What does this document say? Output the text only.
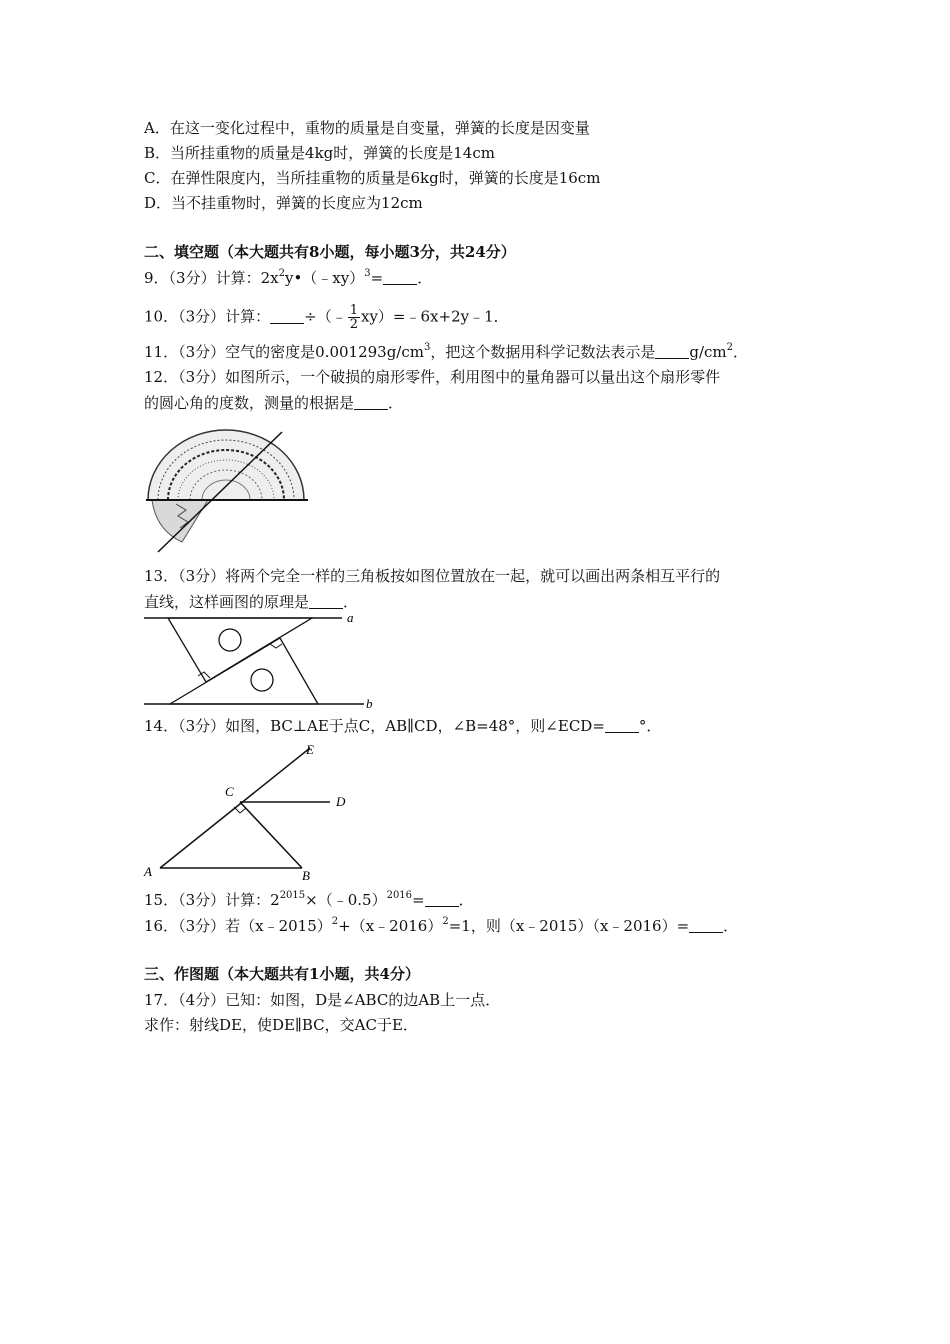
A．在这一变化过程中，重物的质量是自变量，弹簧的长度是因变量
B．当所挂重物的质量是4kg时，弹簧的长度是14cm
C．在弹性限度内，当所挂重物的质量是6kg时，弹簧的长度是16cm
D．当不挂重物时，弹簧的长度应为12cm
二、填空题（本大题共有8小题，每小题3分，共24分）
9．（3分）计算：$2x^2y•(﹣xy)^3=$ ．
10．（3分）计算： ÷（﹣ $\frac{1}{2}$ xy）=﹣6x+2y﹣1．
11．（3分）空气的密度是$0.001293g/cm^3$，把这个数据用科学记数法表示是 $g/cm^2$．
12．（3分）如图所示，一个破损的扇形零件，利用图中的量角器可以量出这个扇形零件
的圆心角的度数，测量的根据是 ．
13．（3分）将两个完全一样的三角板按如图位置放在一起，就可以画出两条相互平行的
直线，这样画图的原理是 ．
a
b
14．（3分）如图，BC⊥AE于点C，AB∥CD，∠B=48°，则∠ECD= °．
A	B
C
D
E
15．（3分）计算：$2^{2015}\times(﹣0.5)^{2016}=$ ．
16．（3分）若（x﹣2015）$^2$+（x﹣2016）$^2$=1，则（x﹣2015）（x﹣2016）= ．
三、作图题（本大题共有1小题，共4分）
17．（4分）已知：如图，D是∠ABC的边AB上一点．
求作：射线DE，使DE∥BC，交AC于E．
